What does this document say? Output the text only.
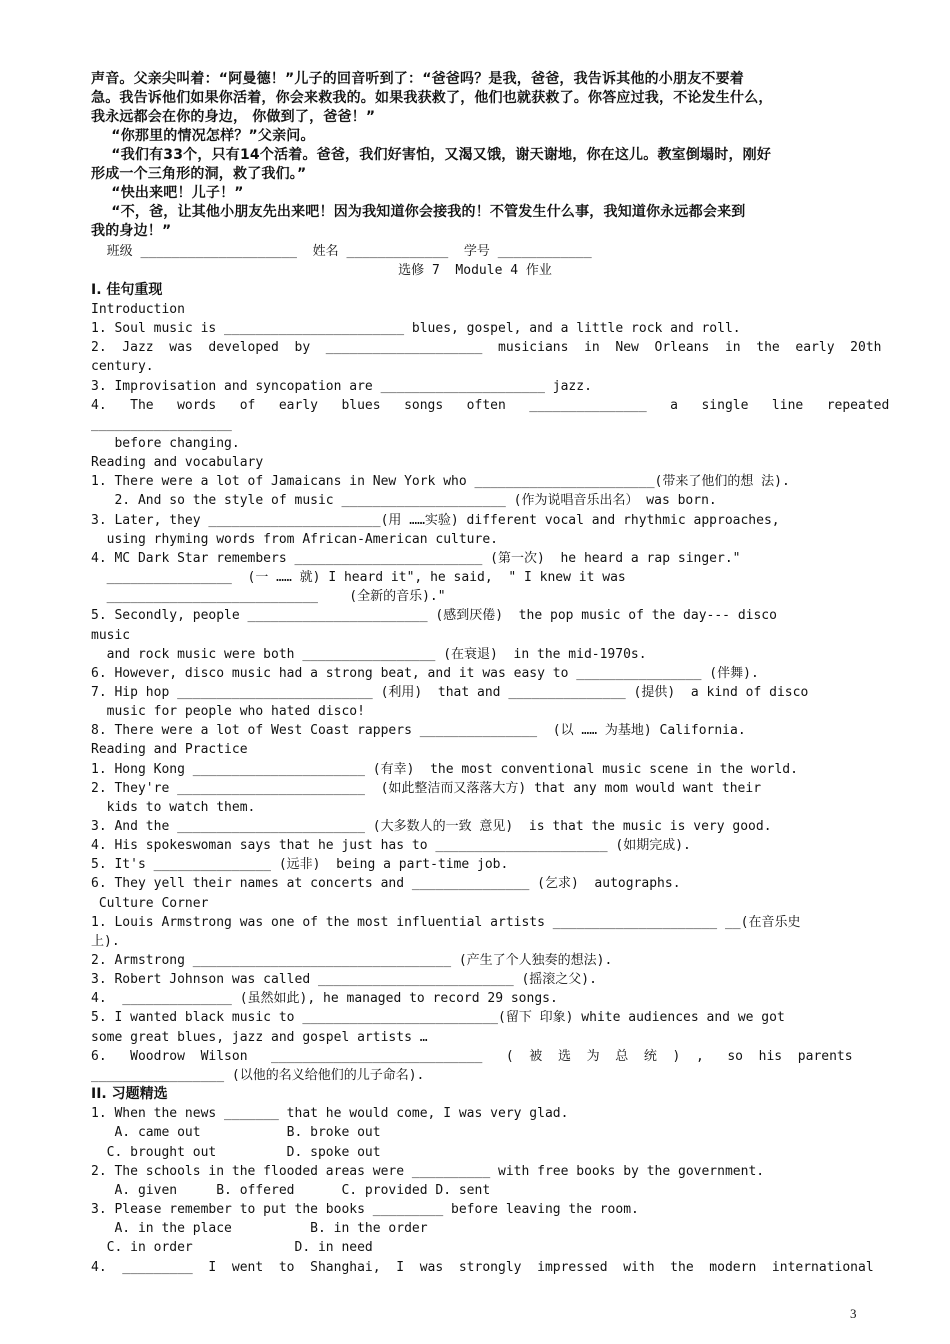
声音。父亲尖叫着：“阿曼德！”儿子的回音听到了：“爸爸吗？是我，爸爸，我告诉其他的小朋友不要着
急。我告诉他们如果你活着，你会来救我的。如果我获救了，他们也就获救了。你答应过我，不论发生什么，
我永远都会在你的身边， 你做到了，爸爸！”
“你那里的情况怎样？”父亲问。
“我们有33个，只有14个活着。爸爸，我们好害怕，又渴又饿，谢天谢地，你在这儿。教室倒塌时，刚好
形成一个三角形的洞，救了我们。”
“快出来吧！儿子！”
“不，爸，让其他小朋友先出来吧！因为我知道你会接我的！不管发生什么事，我知道你永远都会来到
我的身边！”
班级 ____________________  姓名 _____________  学号 ____________
选修 7  Module 4 作业
I. 佳句重现
Introduction
1. Soul music is _______________________ blues, gospel, and a little rock and roll.
2.  Jazz  was  developed  by  ____________________  musicians  in  New  Orleans  in  the  early  20th
century.
3. Improvisation and syncopation are _____________________ jazz.
4.   The   words   of   early   blues   songs   often   _______________   a   single   line   repeated
__________________
before changing.
Reading and vocabulary
1. There were a lot of Jamaicans in New York who _______________________(带来了他们的想 法).
2. And so the style of music _____________________ (作为说唱音乐出名） was born.
3. Later, they ______________________(用 ……实验) different vocal and rhythmic approaches,
using rhyming words from African-American culture.
4. MC Dark Star remembers ________________________ (第一次)  he heard a rap singer."
________________  (一 …… 就) I heard it", he said,  " I knew it was
___________________________    (全新的音乐)."
5. Secondly, people _______________________ (感到厌倦)  the pop music of the day--- disco
music
and rock music were both _________________ (在衰退)  in the mid-1970s.
6. However, disco music had a strong beat, and it was easy to ________________ (伴舞).
7. Hip hop _________________________ (利用)  that and _______________ (提供)  a kind of disco
music for people who hated disco!
8. There were a lot of West Coast rappers _______________  (以 …… 为基地) California.
Reading and Practice
1. Hong Kong ______________________ (有幸)  the most conventional music scene in the world.
2. They're ________________________  (如此整洁而又落落大方) that any mom would want their
kids to watch them.
3. And the ________________________ (大多数人的一致 意见)  is that the music is very good.
4. His spokeswoman says that he just has to ______________________ (如期完成).
5. It's _______________ (远非)  being a part-time job.
6. They yell their names at concerts and _______________ (乞求)  autographs.
Culture Corner
1. Louis Armstrong was one of the most influential artists _____________________ __(在音乐史
上).
2. Armstrong _________________________________ (产生了个人独奏的想法).
3. Robert Johnson was called _________________________ (摇滚之父).
4.  ______________ (虽然如此), he managed to record 29 songs.
5. I wanted black music to _________________________(留下 印象) white audiences and we got
some great blues, jazz and gospel artists …
6.   Woodrow  Wilson   ___________________________   (  被  选  为  总  统  )  ,   so  his  parents
_________________ (以他的名义给他们的儿子命名).
II. 习题精选
1. When the news _______ that he would come, I was very glad.
A. came out           B. broke out
C. brought out         D. spoke out
2. The schools in the flooded areas were __________ with free books by the government.
A. given     B. offered      C. provided D. sent
3. Please remember to put the books _________ before leaving the room.
A. in the place          B. in the order
C. in order             D. in need
4.  _________  I  went  to  Shanghai,  I  was  strongly  impressed  with  the  modern  international
3
